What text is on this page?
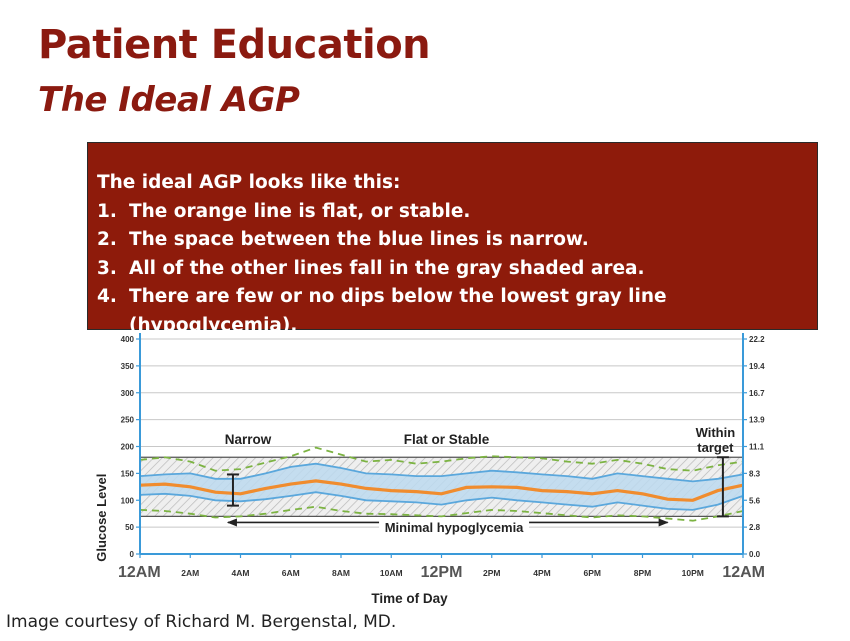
Patient Education
The Ideal AGP
The ideal AGP looks like this:
1. The orange line is flat, or stable.
2. The space between the blue lines is narrow.
3. All of the other lines fall in the gray shaded area.
4. There are few or no dips below the lowest gray line (hypoglycemia).
Narrow	Flat or Stable	Within target
Minimal hypoglycemia
0
50
100
150
200
250
300
350
400
0.0
2.8
5.6
8.3
11.1
13.9
16.7
19.4
22.2
12AM 2AM	4AM	6AM	8AM	10AM 12PM 2PM	4PM	6PM	8PM	10PM 12AM
Time of Day
Glucose Level
Image courtesy of Richard M. Bergenstal, MD.
